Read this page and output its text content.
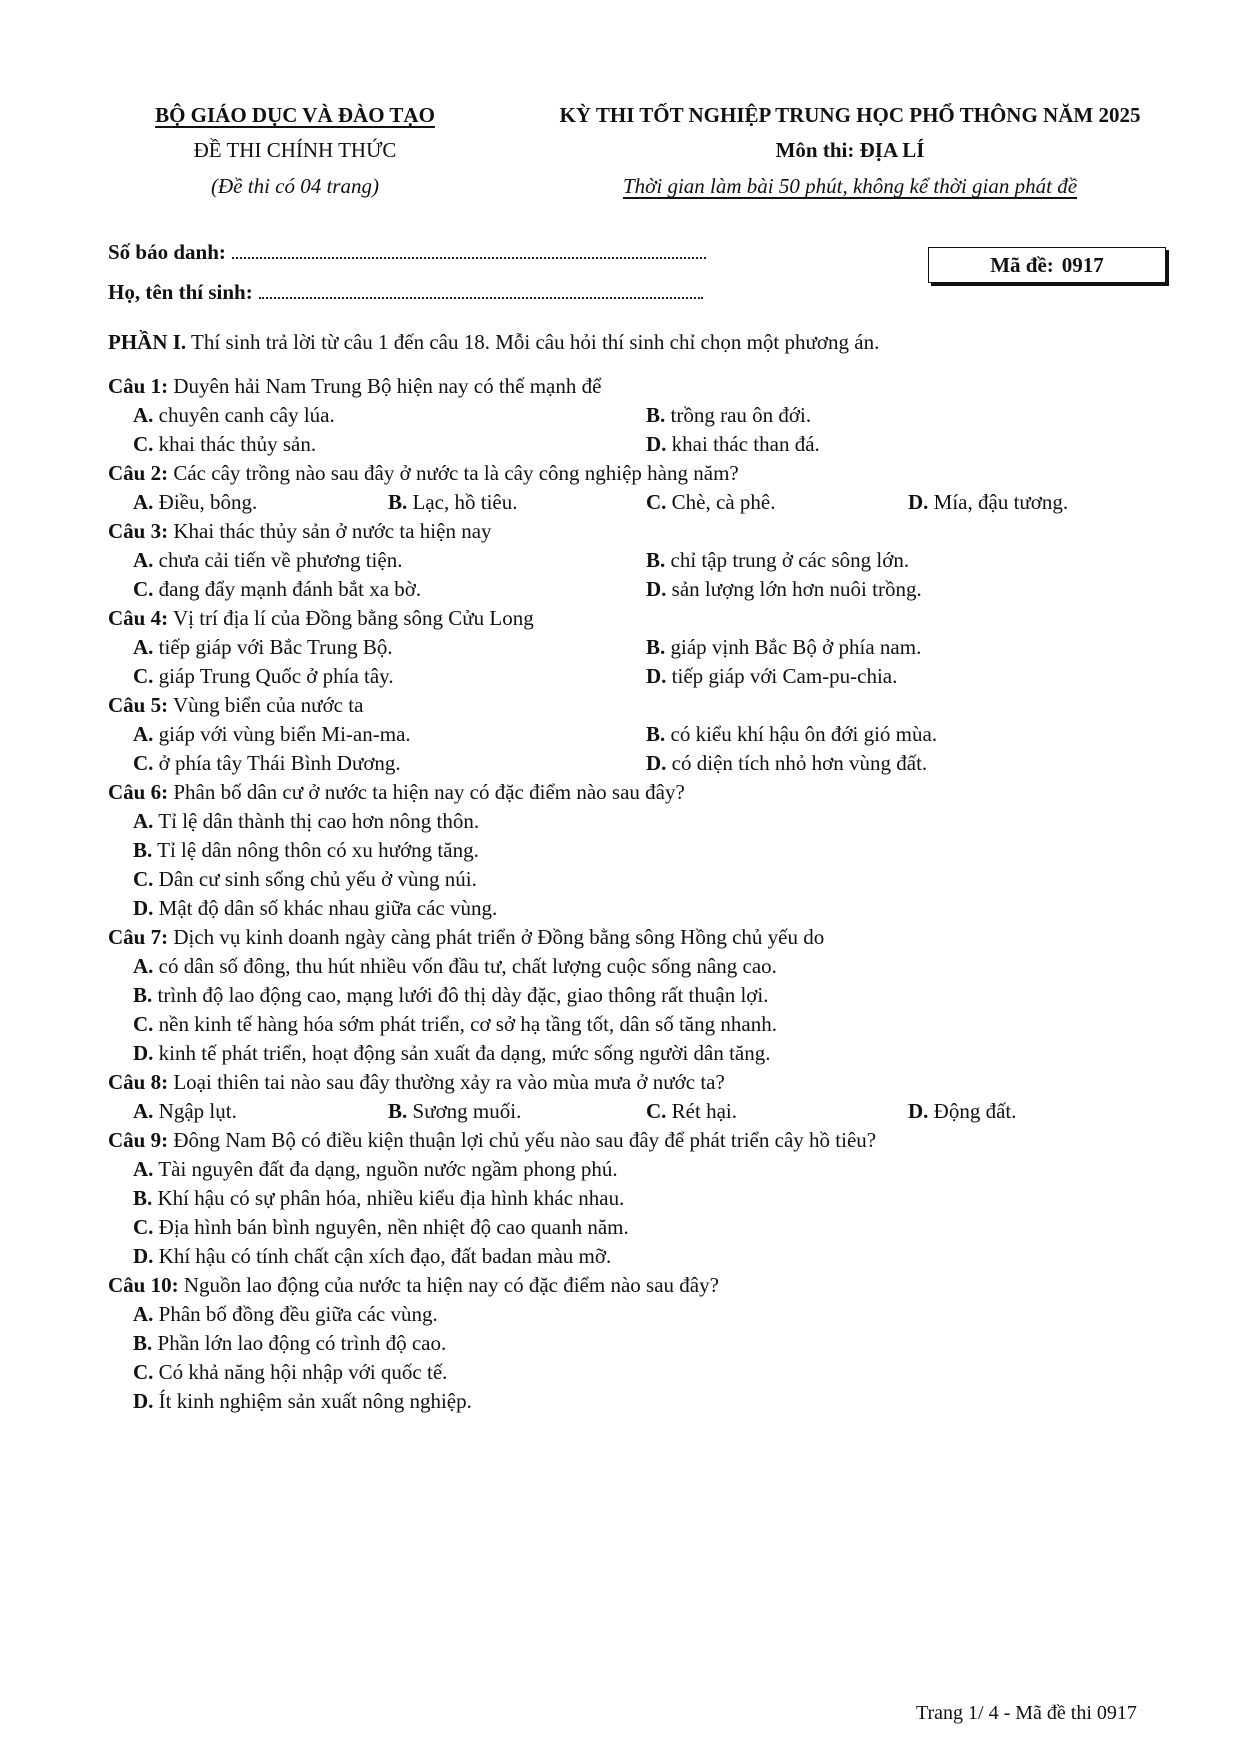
BỘ GIÁO DỤC VÀ ĐÀO TẠO
ĐỀ THI CHÍNH THỨC
(Đề thi có 04 trang)
KỲ THI TỐT NGHIỆP TRUNG HỌC PHỔ THÔNG NĂM 2025
Môn thi: ĐỊA LÍ
Thời gian làm bài 50 phút, không kể thời gian phát đề
Số báo danh:
Họ, tên thí sinh:
Mã đề: 0917
PHẦN I. Thí sinh trả lời từ câu 1 đến câu 18. Mỗi câu hỏi thí sinh chỉ chọn một phương án.
Câu 1: Duyên hải Nam Trung Bộ hiện nay có thế mạnh để
A. chuyên canh cây lúa.	B. trồng rau ôn đới.
C. khai thác thủy sản.	D. khai thác than đá.
Câu 2: Các cây trồng nào sau đây ở nước ta là cây công nghiệp hàng năm?
A. Điều, bông.	B. Lạc, hồ tiêu.	C. Chè, cà phê.	D. Mía, đậu tương.
Câu 3: Khai thác thủy sản ở nước ta hiện nay
A. chưa cải tiến về phương tiện.	B. chỉ tập trung ở các sông lớn.
C. đang đẩy mạnh đánh bắt xa bờ.	D. sản lượng lớn hơn nuôi trồng.
Câu 4: Vị trí địa lí của Đồng bằng sông Cửu Long
A. tiếp giáp với Bắc Trung Bộ.	B. giáp vịnh Bắc Bộ ở phía nam.
C. giáp Trung Quốc ở phía tây.	D. tiếp giáp với Cam-pu-chia.
Câu 5: Vùng biển của nước ta
A. giáp với vùng biển Mi-an-ma.	B. có kiểu khí hậu ôn đới gió mùa.
C. ở phía tây Thái Bình Dương.	D. có diện tích nhỏ hơn vùng đất.
Câu 6: Phân bố dân cư ở nước ta hiện nay có đặc điểm nào sau đây?
A. Tỉ lệ dân thành thị cao hơn nông thôn.
B. Tỉ lệ dân nông thôn có xu hướng tăng.
C. Dân cư sinh sống chủ yếu ở vùng núi.
D. Mật độ dân số khác nhau giữa các vùng.
Câu 7: Dịch vụ kinh doanh ngày càng phát triển ở Đồng bằng sông Hồng chủ yếu do
A. có dân số đông, thu hút nhiều vốn đầu tư, chất lượng cuộc sống nâng cao.
B. trình độ lao động cao, mạng lưới đô thị dày đặc, giao thông rất thuận lợi.
C. nền kinh tế hàng hóa sớm phát triển, cơ sở hạ tầng tốt, dân số tăng nhanh.
D. kinh tế phát triển, hoạt động sản xuất đa dạng, mức sống người dân tăng.
Câu 8: Loại thiên tai nào sau đây thường xảy ra vào mùa mưa ở nước ta?
A. Ngập lụt.	B. Sương muối.	C. Rét hại.	D. Động đất.
Câu 9: Đông Nam Bộ có điều kiện thuận lợi chủ yếu nào sau đây để phát triển cây hồ tiêu?
A. Tài nguyên đất đa dạng, nguồn nước ngầm phong phú.
B. Khí hậu có sự phân hóa, nhiều kiểu địa hình khác nhau.
C. Địa hình bán bình nguyên, nền nhiệt độ cao quanh năm.
D. Khí hậu có tính chất cận xích đạo, đất badan màu mỡ.
Câu 10: Nguồn lao động của nước ta hiện nay có đặc điểm nào sau đây?
A. Phân bố đồng đều giữa các vùng.
B. Phần lớn lao động có trình độ cao.
C. Có khả năng hội nhập với quốc tế.
D. Ít kinh nghiệm sản xuất nông nghiệp.
Trang 1/ 4 - Mã đề thi 0917
